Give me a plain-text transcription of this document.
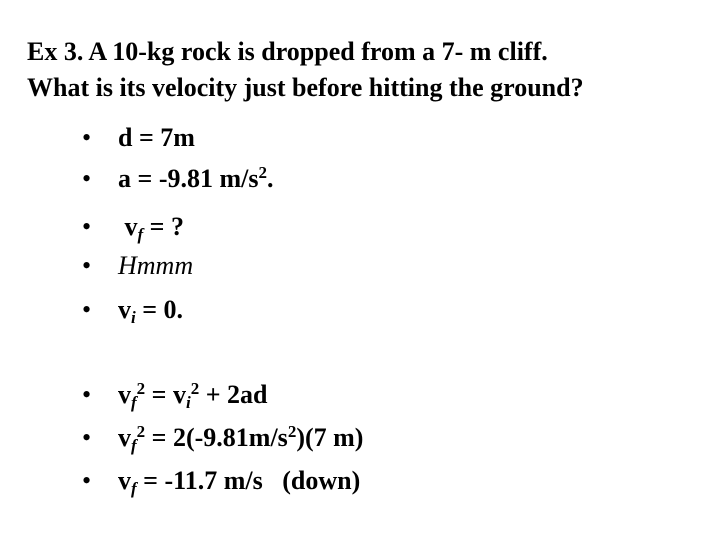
Ex 3. A 10-kg rock is dropped from a 7- m cliff.
What is its velocity just before hitting the ground?
• d = 7m
• a = -9.81 $m/s^2$.
• $v_f$ = ?
• Hmmm
• $v_i = 0$.
• $v_f^2 = v_i^2 + 2ad$
• $v_f^2 = 2(-9.81m/s^2)(7$ m)
• $v_f = -11.7$ m/s   (down)
